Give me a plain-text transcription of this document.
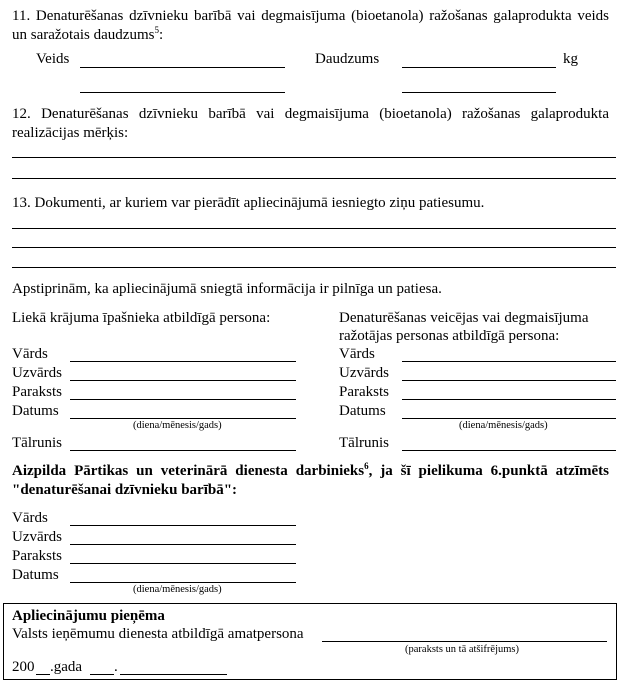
11. Denaturēšanas dzīvnieku barībā vai degmaisījuma (bioetanola) ražošanas galaprodukta veids un saražotais daudzums$^5$:
Veids	Daudzums	kg
12. Denaturēšanas dzīvnieku barībā vai degmaisījuma (bioetanola) ražošanas galaprodukta realizācijas mērķis:
13. Dokumenti, ar kuriem var pierādīt apliecinājumā iesniegto ziņu patiesumu.
Apstiprinām, ka apliecinājumā sniegtā informācija ir pilnīga un patiesa.
Liekā krājuma īpašnieka atbildīgā persona:
Vārds
Uzvārds
Paraksts
Datums
(diena/mēnesis/gads)
Tālrunis
Denaturēšanas veicējas vai degmaisījuma ražotājas personas atbildīgā persona:
Vārds
Uzvārds
Paraksts
Datums
(diena/mēnesis/gads)
Tālrunis
Aizpilda Pārtikas un veterinārā dienesta darbinieks$^6$, ja šī pielikuma 6.punktā atzīmēts "denaturēšanai dzīvnieku barībā":
Vārds
Uzvārds
Paraksts
Datums
(diena/mēnesis/gads)
Apliecinājumu pieņēma
Valsts ieņēmumu dienesta atbildīgā amatpersona
(paraksts un tā atšifrējums)
200 .gada .
